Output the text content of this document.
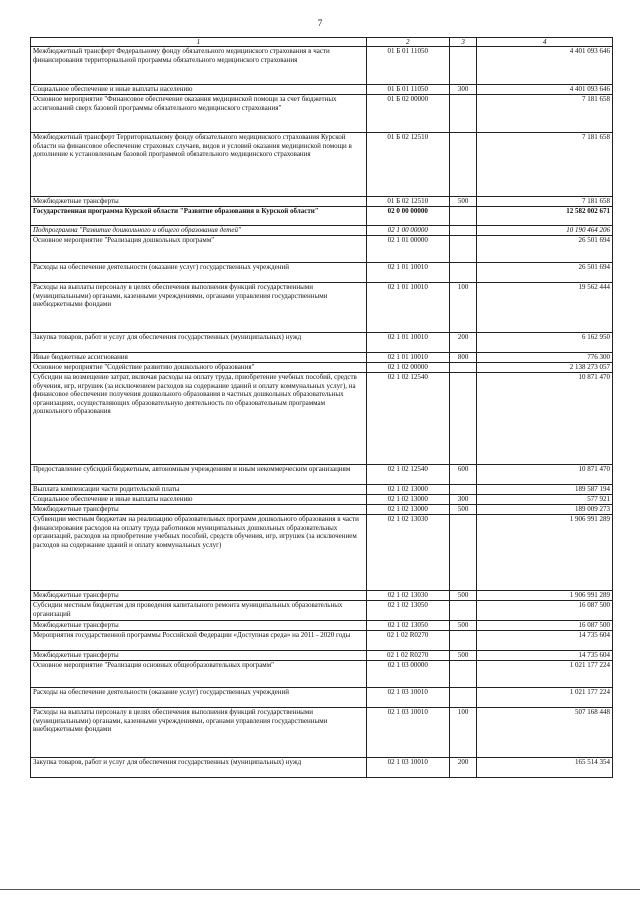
7
1	2	3	4
Межбюджетный трансферт Федеральному фонду обязательного медицинского страхования в части финансирования территориальной программы обязательного медицинского страхования	01 Б 01 11050		4 401 093 646
Социальное обеспечение и иные выплаты населению	01 Б 01 11050	300	4 401 093 646
Основное мероприятие "Финансовое обеспечение оказания медицинской помощи за счет бюджетных ассигнований сверх базовой программы обязательного медицинского страхования"	01 Б 02 00000		7 181 658
Межбюджетный трансферт Территориальному фонду обязательного медицинского страхования Курской области на финансовое обеспечение страховых случаев, видов и условий оказания медицинской помощи в дополнение к установленным базовой программой обязательного медицинского страхования	01 Б 02 12510		7 181 658
Межбюджетные трансферты	01 Б 02 12510	500	7 181 658
Государственная программа Курской области "Развитие образования в Курской области"	02 0 00 00000		12 582 002 671
Подпрограмма "Развитие дошкольного и общего образования детей"	02 1 00 00000		10 190 464 206
Основное мероприятие "Реализация дошкольных программ"	02 1 01 00000		26 501 694
Расходы на обеспечение деятельности (оказание услуг) государственных учреждений	02 1 01 10010		26 501 694
Расходы на выплаты персоналу в целях обеспечения выполнения функций государственными (муниципальными) органами, казенными учреждениями, органами управления государственными внебюджетными фондами	02 1 01 10010	100	19 562 444
Закупка товаров, работ и услуг для обеспечения государственных (муниципальных) нужд	02 1 01 10010	200	6 162 950
Иные бюджетные ассигнования	02 1 01 10010	800	776 300
Основное мероприятие "Содействие развитию дошкольного образования"	02 1 02 00000		2 138 273 057
Субсидии на возмещение затрат, включая расходы на оплату труда, приобретение учебных пособий, средств обучения, игр, игрушек (за исключением расходов на содержание зданий и оплату коммунальных услуг), на финансовое обеспечение получения дошкольного образования в частных дошкольных образовательных организациях, осуществляющих образовательную деятельность по образовательным программам дошкольного образования	02 1 02 12540		10 871 470
Предоставление субсидий бюджетным, автономным учреждениям и иным некоммерческим организациям	02 1 02 12540	600	10 871 470
Выплата компенсации части родительской платы	02 1 02 13000		189 587 194
Социальное обеспечение и иные выплаты населению	02 1 02 13000	300	577 921
Межбюджетные трансферты	02 1 02 13000	500	189 009 273
Субвенции местным бюджетам на реализацию образовательных программ дошкольного образования в части финансирования расходов на оплату труда работников муниципальных дошкольных образовательных организаций, расходов на приобретение учебных пособий, средств обучения, игр, игрушек (за исключением расходов на содержание зданий и оплату коммунальных услуг)	02 1 02 13030		1 906 991 289
Межбюджетные трансферты	02 1 02 13030	500	1 906 991 289
Субсидии местным бюджетам для проведения капитального ремонта муниципальных образовательных организаций	02 1 02 13050		16 087 500
Межбюджетные трансферты	02 1 02 13050	500	16 087 500
Мероприятия государственной программы Российской Федерации «Доступная среда» на 2011 - 2020 годы	02 1 02 R0270		14 735 604
Межбюджетные трансферты	02 1 02 R0270	500	14 735 604
Основное мероприятие "Реализация основных общеобразовательных программ"	02 1 03 00000		1 021 177 224
Расходы на обеспечение деятельности (оказание услуг) государственных учреждений	02 1 03 10010		1 021 177 224
Расходы на выплаты персоналу в целях обеспечения выполнения функций государственными (муниципальными) органами, казенными учреждениями, органами управления государственными внебюджетными фондами	02 1 03 10010	100	507 168 448
Закупка товаров, работ и услуг для обеспечения государственных (муниципальных) нужд	02 1 03 10010	200	165 514 354
